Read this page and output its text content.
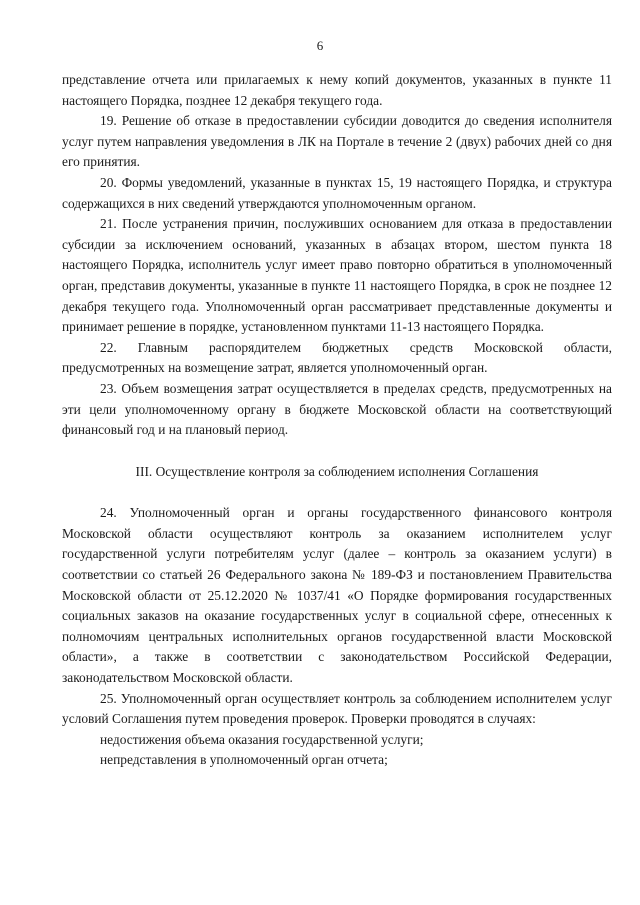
6

представление отчета или прилагаемых к нему копий документов, указанных в пункте 11 настоящего Порядка, позднее 12 декабря текущего года.

19. Решение об отказе в предоставлении субсидии доводится до сведения исполнителя услуг путем направления уведомления в ЛК на Портале в течение 2 (двух) рабочих дней со дня его принятия.

20. Формы уведомлений, указанные в пунктах 15, 19 настоящего Порядка, и структура содержащихся в них сведений утверждаются уполномоченным органом.

21. После устранения причин, послуживших основанием для отказа в предоставлении субсидии за исключением оснований, указанных в абзацах втором, шестом пункта 18 настоящего Порядка, исполнитель услуг имеет право повторно обратиться в уполномоченный орган, представив документы, указанные в пункте 11 настоящего Порядка, в срок не позднее 12 декабря текущего года. Уполномоченный орган рассматривает представленные документы и принимает решение в порядке, установленном пунктами 11-13 настоящего Порядка.

22. Главным распорядителем бюджетных средств Московской области, предусмотренных на возмещение затрат, является уполномоченный орган.

23. Объем возмещения затрат осуществляется в пределах средств, предусмотренных на эти цели уполномоченному органу в бюджете Московской области на соответствующий финансовый год и на плановый период.

III. Осуществление контроля за соблюдением исполнения Соглашения

24. Уполномоченный орган и органы государственного финансового контроля Московской области осуществляют контроль за оказанием исполнителем услуг государственной услуги потребителям услуг (далее – контроль за оказанием услуги) в соответствии со статьей 26 Федерального закона № 189-ФЗ и постановлением Правительства Московской области от 25.12.2020 № 1037/41 «О Порядке формирования государственных социальных заказов на оказание государственных услуг в социальной сфере, отнесенных к полномочиям центральных исполнительных органов государственной власти Московской области», а также в соответствии с законодательством Российской Федерации, законодательством Московской области.

25. Уполномоченный орган осуществляет контроль за соблюдением исполнителем услуг условий Соглашения путем проведения проверок. Проверки проводятся в случаях:

недостижения объема оказания государственной услуги;

непредставления в уполномоченный орган отчета;
